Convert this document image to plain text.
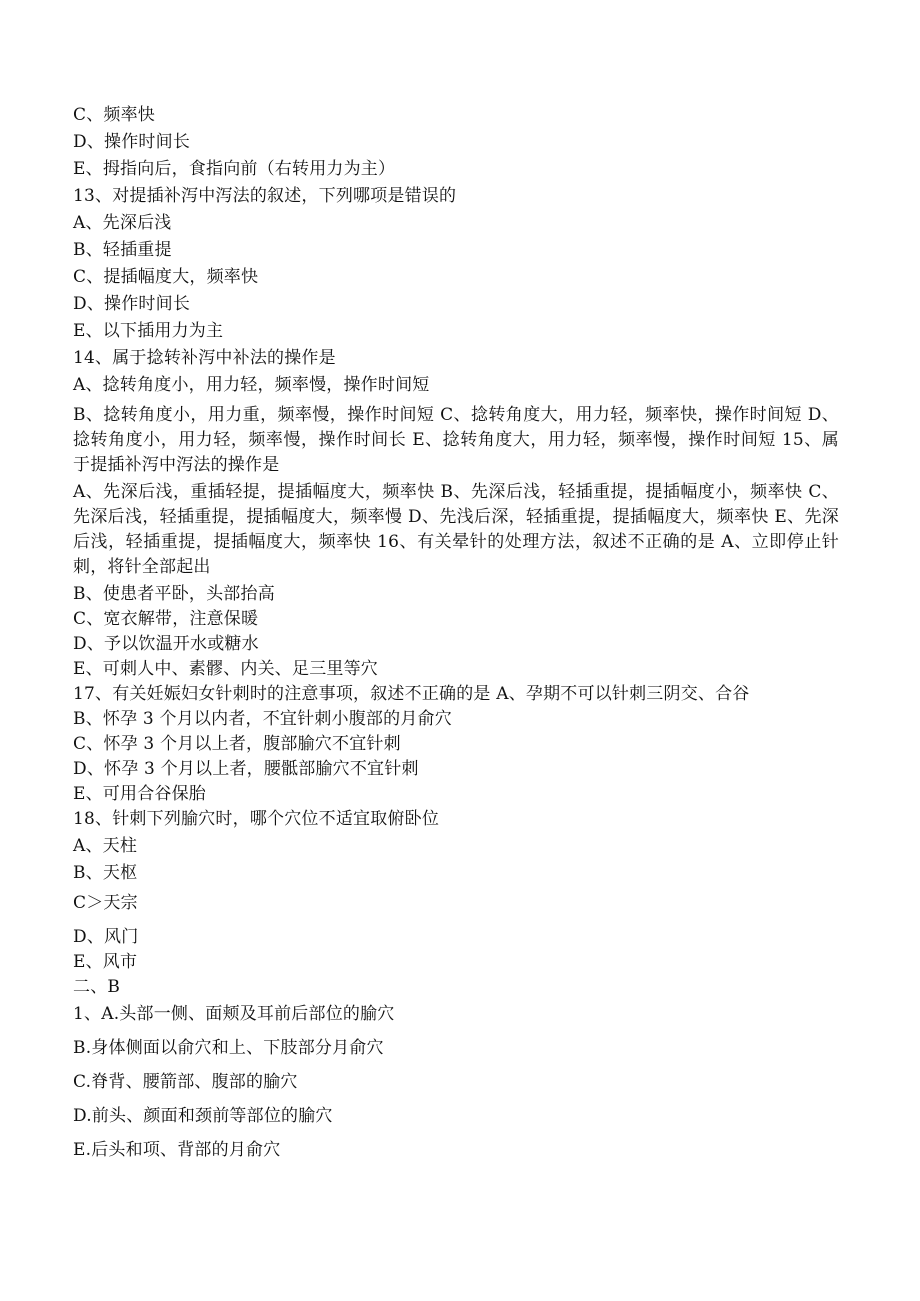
C、频率快
D、操作时间长
E、拇指向后，食指向前（右转用力为主）
13、对提插补泻中泻法的叙述，下列哪项是错误的
A、先深后浅
B、轻插重提
C、提插幅度大，频率快
D、操作时间长
E、以下插用力为主
14、属于捻转补泻中补法的操作是
A、捻转角度小，用力轻，频率慢，操作时间短
B、捻转角度小，用力重，频率慢，操作时间短 C、捻转角度大，用力轻，频率快，操作时间短 D、捻转角度小，用力轻，频率慢，操作时间长 E、捻转角度大，用力轻，频率慢，操作时间短 15、属于提插补泻中泻法的操作是
A、先深后浅，重插轻提，提插幅度大，频率快 B、先深后浅，轻插重提，提插幅度小，频率快 C、先深后浅，轻插重提，提插幅度大，频率慢 D、先浅后深，轻插重提，提插幅度大，频率快 E、先深后浅，轻插重提，提插幅度大，频率快 16、有关晕针的处理方法，叙述不正确的是 A、立即停止针刺，将针全部起出
B、使患者平卧，头部抬高
C、宽衣解带，注意保暖
D、予以饮温开水或糖水
E、可刺人中、素髎、内关、足三里等穴
17、有关妊娠妇女针刺时的注意事项，叙述不正确的是 A、孕期不可以针刺三阴交、合谷
B、怀孕 3 个月以内者，不宜针刺小腹部的月俞穴
C、怀孕 3 个月以上者，腹部腧穴不宜针刺
D、怀孕 3 个月以上者，腰骶部腧穴不宜针刺
E、可用合谷保胎
18、针刺下列腧穴时，哪个穴位不适宜取俯卧位
A、天柱
B、天枢
C＞天宗
D、风门
E、风市
二、B
1、A.头部一侧、面颊及耳前后部位的腧穴
B.身体侧面以俞穴和上、下肢部分月俞穴
C.脊背、腰箭部、腹部的腧穴
D.前头、颜面和颈前等部位的腧穴
E.后头和项、背部的月俞穴
